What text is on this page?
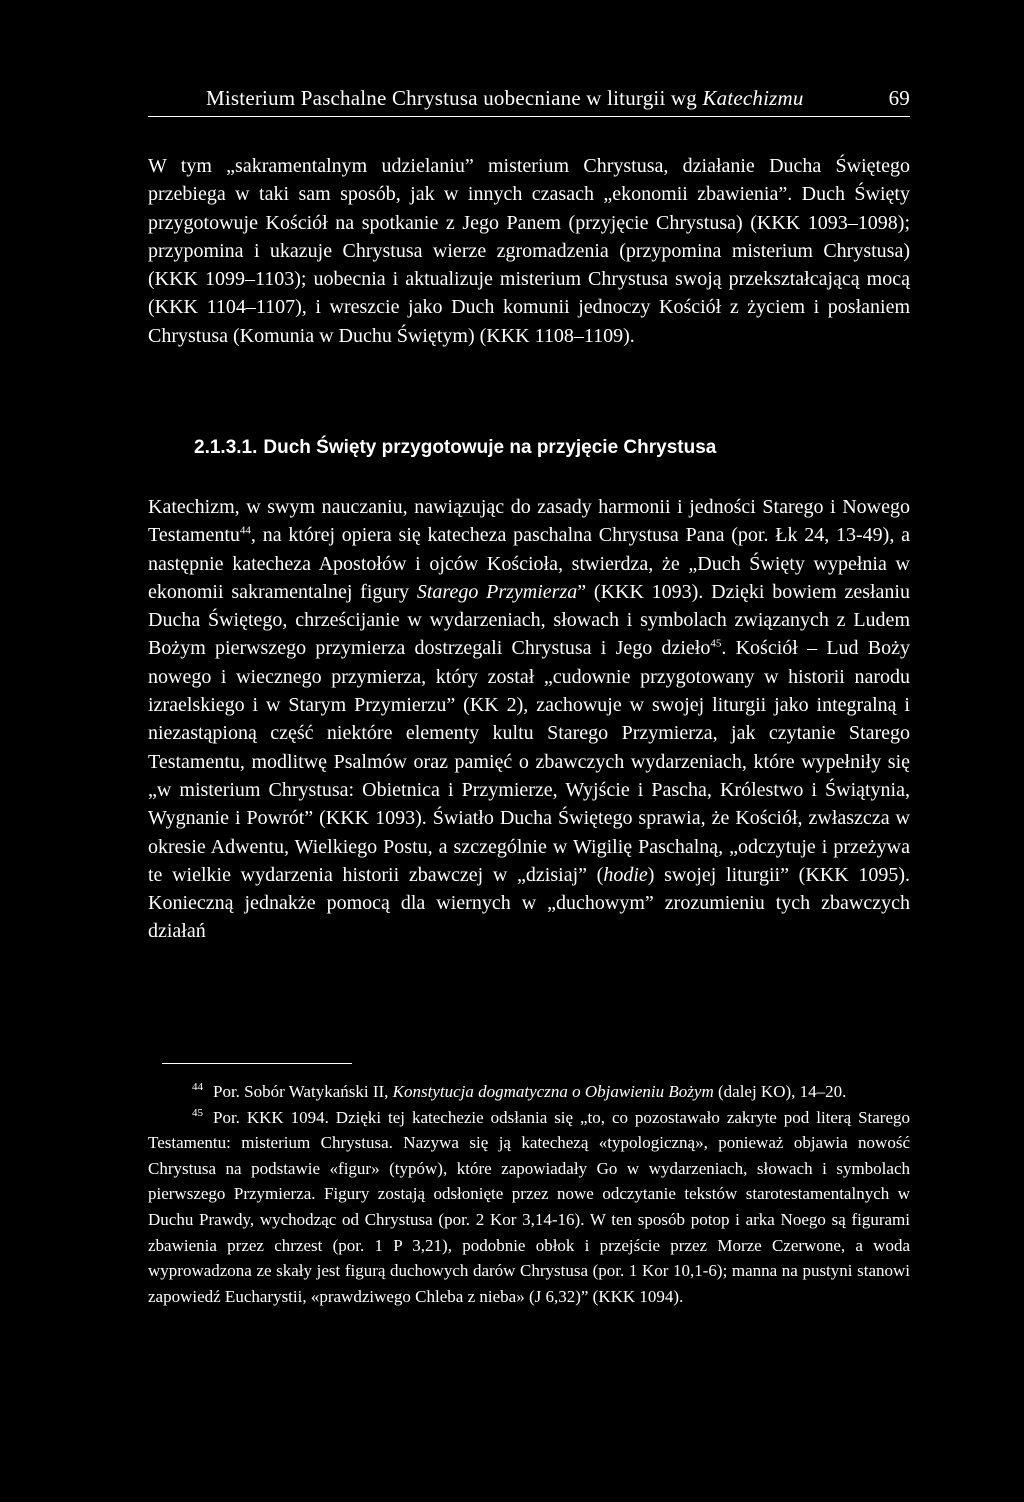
Misterium Paschalne Chrystusa uobecniane w liturgii wg Katechizmu	69

W tym „sakramentalnym udzielaniu” misterium Chrystusa, działanie Ducha Świętego przebiega w taki sam sposób, jak w innych czasach „ekonomii zbawienia”. Duch Święty przygotowuje Kościół na spotkanie z Jego Panem (przyjęcie Chrystusa) (KKK 1093–1098); przypomina i ukazuje Chrystusa wierze zgromadzenia (przypomina misterium Chrystusa) (KKK 1099–1103); uobecnia i aktualizuje misterium Chrystusa swoją przekształcającą mocą (KKK 1104–1107), i wreszcie jako Duch komunii jednoczy Kościół z życiem i posłaniem Chrystusa (Komunia w Duchu Świętym) (KKK 1108–1109).

2.1.3.1. Duch Święty przygotowuje na przyjęcie Chrystusa

Katechizm, w swym nauczaniu, nawiązując do zasady harmonii i jedności Starego i Nowego Testamentu$^{44}$, na której opiera się katecheza paschalna Chrystusa Pana (por. Łk 24, 13-49), a następnie katecheza Apostołów i ojców Kościoła, stwierdza, że „Duch Święty wypełnia w ekonomii sakramentalnej figury Starego Przymierza” (KKK 1093). Dzięki bowiem zesłaniu Ducha Świętego, chrześcijanie w wydarzeniach, słowach i symbolach związanych z Ludem Bożym pierwszego przymierza dostrzegali Chrystusa i Jego dzieło$^{45}$. Kościół – Lud Boży nowego i wiecznego przymierza, który został „cudownie przygotowany w historii narodu izraelskiego i w Starym Przymierzu” (KK 2), zachowuje w swojej liturgii jako integralną i niezastąpioną część niektóre elementy kultu Starego Przymierza, jak czytanie Starego Testamentu, modlitwę Psalmów oraz pamięć o zbawczych wydarzeniach, które wypełniły się „w misterium Chrystusa: Obietnica i Przymierze, Wyjście i Pascha, Królestwo i Świątynia, Wygnanie i Powrót” (KKK 1093). Światło Ducha Świętego sprawia, że Kościół, zwłaszcza w okresie Adwentu, Wielkiego Postu, a szczególnie w Wigilię Paschalną, „odczytuje i przeżywa te wielkie wydarzenia historii zbawczej w „dzisiaj” (hodie) swojej liturgii” (KKK 1095). Konieczną jednakże pomocą dla wiernych w „duchowym” zrozumieniu tych zbawczych działań

$^{44}$ Por. Sobór Watykański II, Konstytucja dogmatyczna o Objawieniu Bożym (dalej KO), 14–20.

$^{45}$ Por. KKK 1094. Dzięki tej katechezie odsłania się „to, co pozostawało zakryte pod literą Starego Testamentu: misterium Chrystusa. Nazywa się ją katechezą «typologiczną», ponieważ objawia nowość Chrystusa na podstawie «figur» (typów), które zapowiadały Go w wydarzeniach, słowach i symbolach pierwszego Przymierza. Figury zostają odsłonięte przez nowe odczytanie tekstów starotestamentalnych w Duchu Prawdy, wychodząc od Chrystusa (por. 2 Kor 3,14-16). W ten sposób potop i arka Noego są figurami zbawienia przez chrzest (por. 1 P 3,21), podobnie obłok i przejście przez Morze Czerwone, a woda wyprowadzona ze skały jest figurą duchowych darów Chrystusa (por. 1 Kor 10,1-6); manna na pustyni stanowi zapowiedź Eucharystii, «prawdziwego Chleba z nieba» (J 6,32)” (KKK 1094).
